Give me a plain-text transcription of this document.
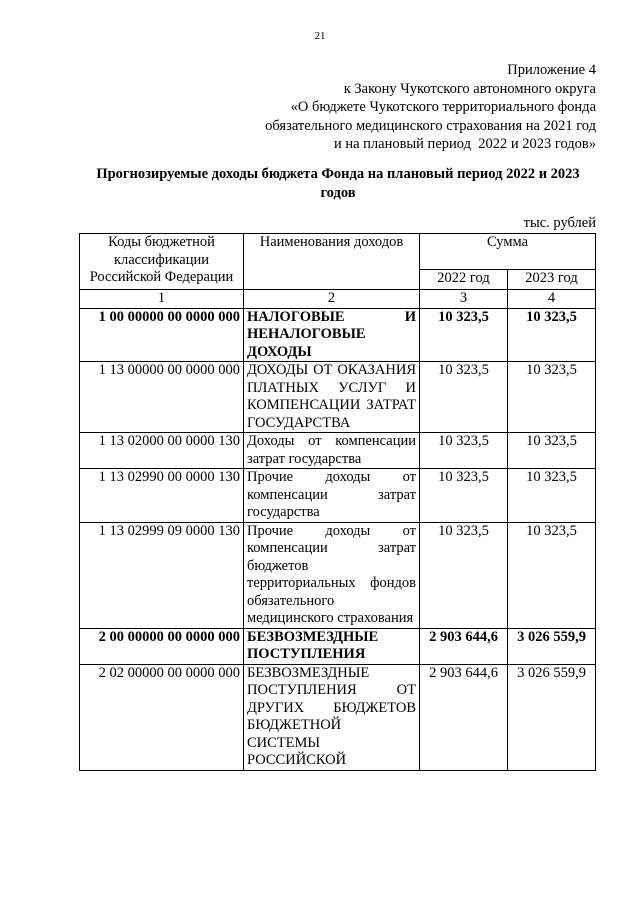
21
Приложение 4
к Закону Чукотского автономного округа
«О бюджете Чукотского территориального фонда
обязательного медицинского страхования на 2021 год
и на плановый период  2022 и 2023 годов»
Прогнозируемые доходы бюджета Фонда на плановый период 2022 и 2023
годов
тыс. рублей
Коды бюджетной классификации Российской Федерации	Наименования доходов	Сумма	
		2022 год	2023 год
1	2	3	4
1 00 00000 00 0000 000	НАЛОГОВЫЕ И НЕНАЛОГОВЫЕ ДОХОДЫ	10 323,5	10 323,5
1 13 00000 00 0000 000	ДОХОДЫ ОТ ОКАЗАНИЯ ПЛАТНЫХ УСЛУГ И КОМПЕНСАЦИИ ЗАТРАТ ГОСУДАРСТВА	10 323,5	10 323,5
1 13 02000 00 0000 130	Доходы от компенсации затрат государства	10 323,5	10 323,5
1 13 02990 00 0000 130	Прочие доходы от компенсации затрат государства	10 323,5	10 323,5
1 13 02999 09 0000 130	Прочие доходы от компенсации затрат бюджетов территориальных фондов обязательного медицинского страхования	10 323,5	10 323,5
2 00 00000 00 0000 000	БЕЗВОЗМЕЗДНЫЕ ПОСТУПЛЕНИЯ	2 903 644,6	3 026 559,9
2 02 00000 00 0000 000	БЕЗВОЗМЕЗДНЫЕ ПОСТУПЛЕНИЯ ОТ ДРУГИХ БЮДЖЕТОВ БЮДЖЕТНОЙ СИСТЕМЫ РОССИЙСКОЙ	2 903 644,6	3 026 559,9
